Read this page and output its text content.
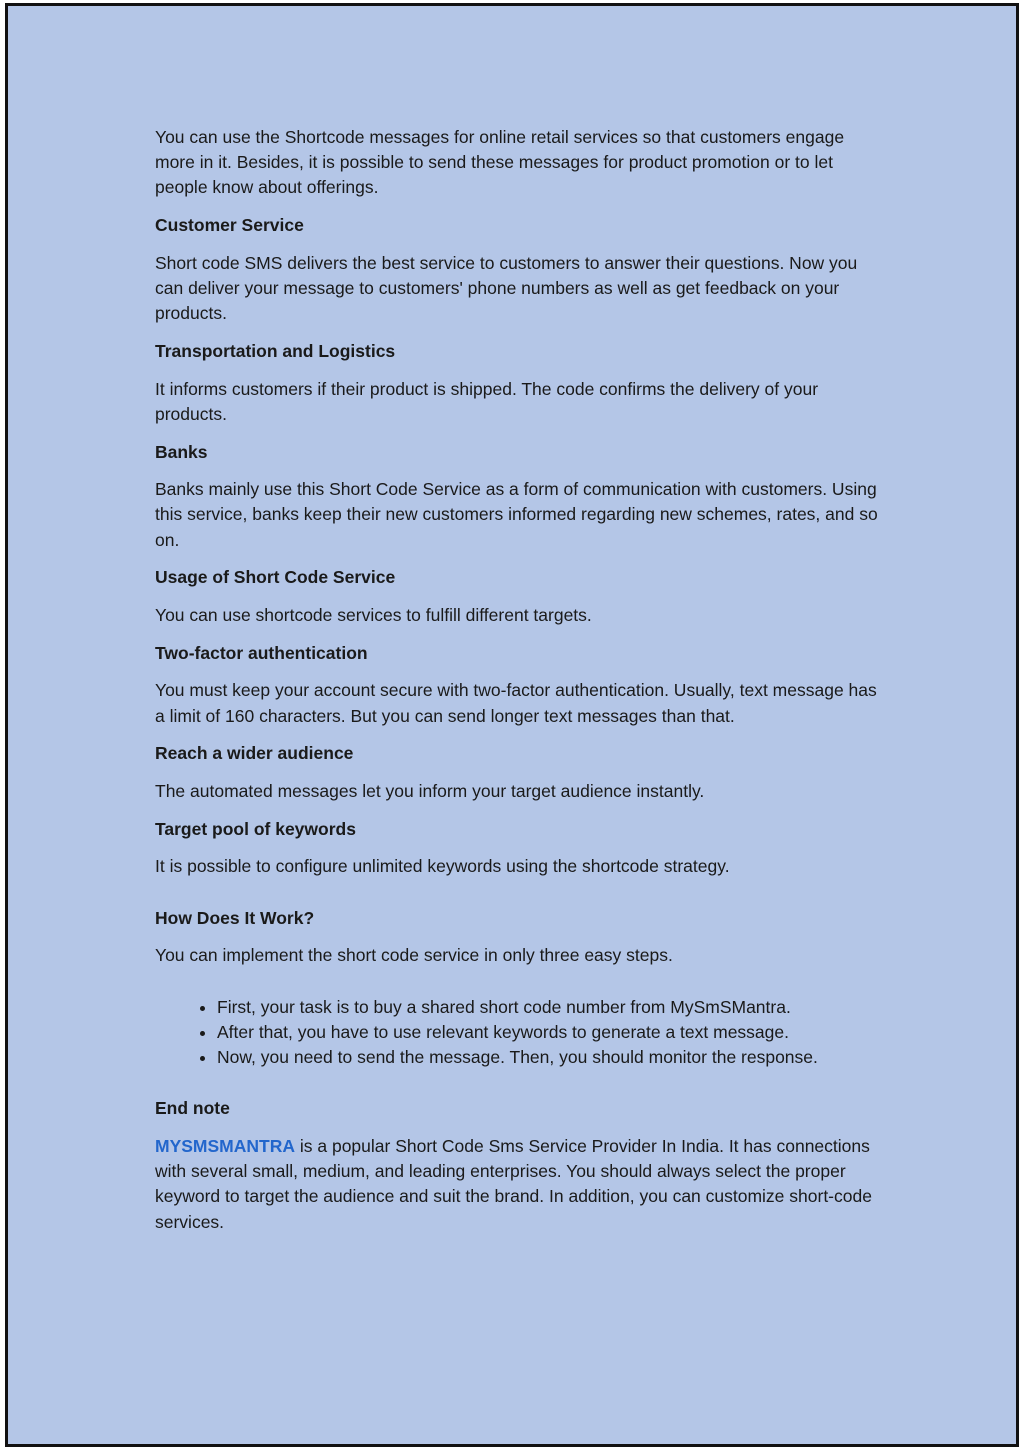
You can use the Shortcode messages for online retail services so that customers engage more in it. Besides, it is possible to send these messages for product promotion or to let people know about offerings.

Customer Service

Short code SMS delivers the best service to customers to answer their questions. Now you can deliver your message to customers' phone numbers as well as get feedback on your products.

Transportation and Logistics

It informs customers if their product is shipped. The code confirms the delivery of your products.

Banks

Banks mainly use this Short Code Service as a form of communication with customers. Using this service, banks keep their new customers informed regarding new schemes, rates, and so on.

Usage of Short Code Service

You can use shortcode services to fulfill different targets.

Two-factor authentication

You must keep your account secure with two-factor authentication. Usually, text message has a limit of 160 characters. But you can send longer text messages than that.

Reach a wider audience

The automated messages let you inform your target audience instantly.

Target pool of keywords

It is possible to configure unlimited keywords using the shortcode strategy.

How Does It Work?

You can implement the short code service in only three easy steps.

• First, your task is to buy a shared short code number from MySmSMantra.
• After that, you have to use relevant keywords to generate a text message.
• Now, you need to send the message. Then, you should monitor the response.
End note

MYSMSMANTRA is a popular Short Code Sms Service Provider In India. It has connections with several small, medium, and leading enterprises. You should always select the proper keyword to target the audience and suit the brand. In addition, you can customize short-code services.
